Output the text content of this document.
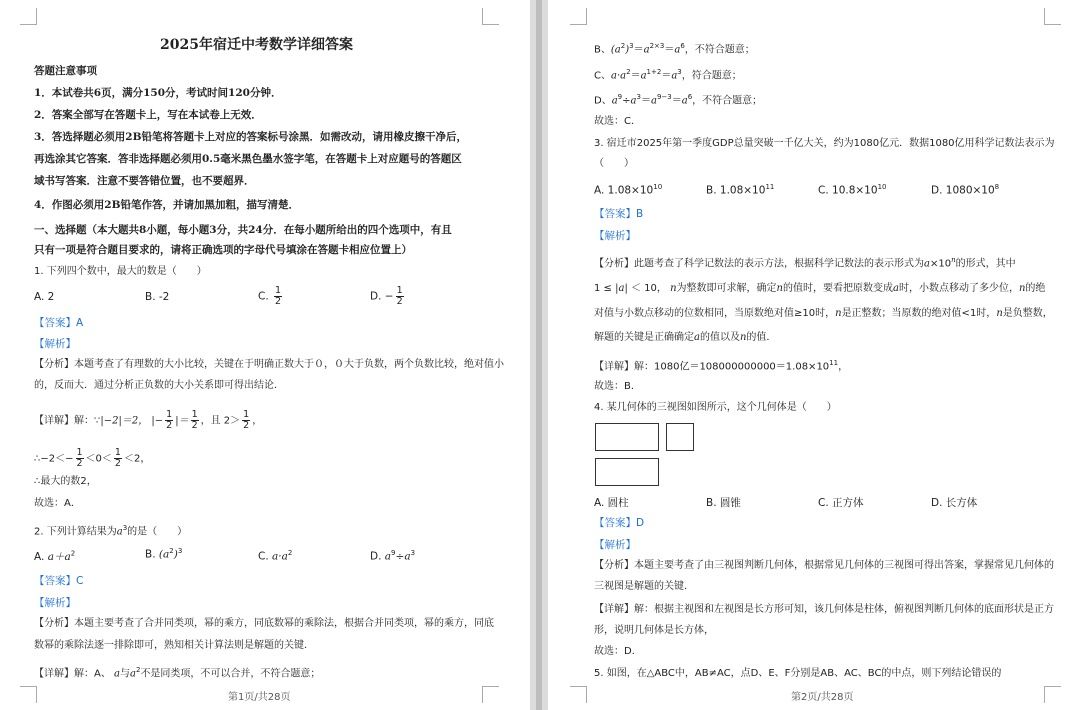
2025年宿迁中考数学详细答案
答题注意事项
1．本试卷共6页，满分150分，考试时间120分钟．
2．答案全部写在答题卡上，写在本试卷上无效．
3．答选择题必须用2B铅笔将答题卡上对应的答案标号涂黑．如需改动，请用橡皮擦干净后，
再选涂其它答案．答非选择题必须用0.5毫米黑色墨水签字笔，在答题卡上对应题号的答题区
域书写答案．注意不要答错位置，也不要超界．
4．作图必须用2B铅笔作答，并请加黑加粗，描写清楚．
一、选择题（本大题共8小题，每小题3分，共24分．在每小题所给出的四个选项中，有且
只有一项是符合题目要求的，请将正确选项的字母代号填涂在答题卡相应位置上）
1. 下列四个数中，最大的数是（　　）
A. 2	B. -2	C. $\frac{1}{2}$	D. − $\frac{1}{2}$
【答案】A
【解析】
【分析】本题考查了有理数的大小比较，关键在于明确正数大于０，０大于负数，两个负数比较，绝对值小
的，反而大．通过分析正负数的大小关系即可得出结论．
【详解】解：∵|−2|＝2， |− $\frac{1}{2}$ |＝ $\frac{1}{2}$ ，且 $2> \frac{1}{2}$ ，
∴−2＜− $\frac{1}{2} <0< \frac{1}{2} <2$，
∴最大的数2，
故选：A．
2. 下列计算结果为$a^3$的是（　　）
A. $a+a^2$	B. $(a^2)^3$	C. $a\cdot a^2$	D. $a^9\div a^3$
【答案】C
【解析】
【分析】本题主要考查了合并同类项，幂的乘方，同底数幂的乘除法，根据合并同类项，幂的乘方，同底
数幂的乘除法逐一排除即可，熟知相关计算法则是解题的关键．
【详解】解：A、 a与$a^2$不是同类项，不可以合并，不符合题意；
第1页/共28页
B、$(a^2)^3=a^{2\times 3}=a^6$，不符合题意；
C、$a\cdot a^2=a^{1+2}=a^3$，符合题意；
D、$a^9\div a^3=a^{9-3}=a^6$，不符合题意；
故选：C．
3. 宿迁市2025年第一季度GDP总量突破一千亿大关，约为1080亿元．数据1080亿用科学记数法表示为
（　　）
A. $1.08\times 10^{10}$	B. $1.08\times 10^{11}$	C. $10.8\times 10^{10}$	D. $1080\times 10^8$
【答案】B
【解析】
【分析】此题考查了科学记数法的表示方法，根据科学记数法的表示形式为$a\times 10^n$的形式，其中
1 ≤ |a| ＜ 10， n为整数即可求解，确定n的值时，要看把原数变成a时，小数点移动了多少位，n的绝
对值与小数点移动的位数相同，当原数绝对值≥10时，n是正整数；当原数的绝对值<1时，n是负整数，
解题的关键是正确确定a的值以及n的值．
【详解】解：1080亿$=108000000000=1.08\times 10^{11}$，
故选：B．
4. 某几何体的三视图如图所示，这个几何体是（　　）
A. 圆柱	B. 圆锥	C. 正方体	D. 长方体
【答案】D
【解析】
【分析】本题主要考查了由三视图判断几何体，根据常见几何体的三视图可得出答案，掌握常见几何体的
三视图是解题的关键．
【详解】解：根据主视图和左视图是长方形可知，该几何体是柱体，俯视图判断几何体的底面形状是正方
形，说明几何体是长方体，
故选：D．
5. 如图，在△ABC中，AB≠AC，点D、E、F分别是AB、AC、BC的中点，则下列结论错误的
第2页/共28页
